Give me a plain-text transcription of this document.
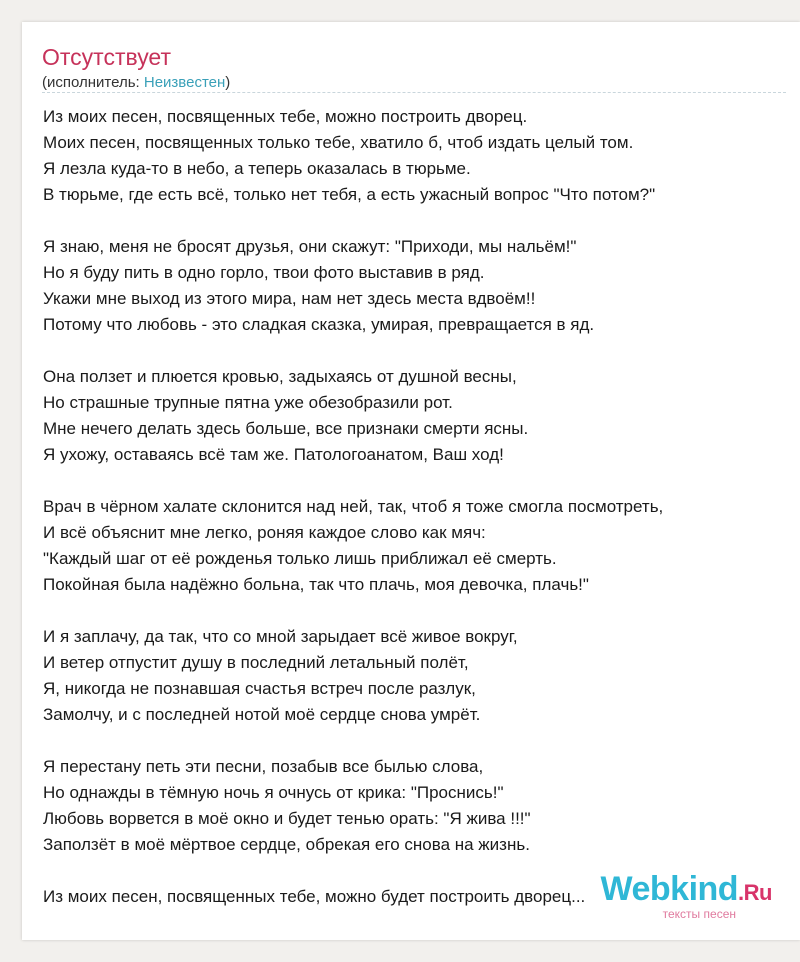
Отсутствует
(исполнитель: Неизвестен)
Из моих песен, посвященных тебе, можно построить дворец.
Моих песен, посвященных только тебе, хватило б, чтоб издать целый том.
Я лезла куда-то в небо, а теперь оказалась в тюрьме.
В тюрьме, где есть всё, только нет тебя, а есть ужасный вопрос "Что потом?"
Я знаю, меня не бросят друзья, они скажут: "Приходи, мы нальём!"
Но я буду пить в одно горло, твои фото выставив в ряд.
Укажи мне выход из этого мира, нам нет здесь места вдвоём!!
Потому что любовь - это сладкая сказка, умирая, превращается в яд.
Она ползет и плюется кровью, задыхаясь от душной весны,
Но страшные трупные пятна уже обезобразили рот.
Мне нечего делать здесь больше, все признаки смерти ясны.
Я ухожу, оставаясь всё там же. Патологоанатом, Ваш ход!
Врач в чёрном халате склонится над ней, так, чтоб я тоже смогла посмотреть,
И всё объяснит мне легко, роняя каждое слово как мяч:
"Каждый шаг от её рожденья только лишь приближал её смерть.
Покойная была надёжно больна, так что плачь, моя девочка, плачь!"
И я заплачу, да так, что со мной зарыдает всё живое вокруг,
И ветер отпустит душу в последний летальный полёт,
Я, никогда не познавшая счастья встреч после разлук,
Замолчу, и с последней нотой моё сердце снова умрёт.
Я перестану петь эти песни, позабыв все былью слова,
Но однажды в тёмную ночь я очнусь от крика: "Проснись!"
Любовь ворвется в моё окно и будет тенью орать: "Я жива !!!"
Заползёт в моё мёртвое сердце, обрекая его снова на жизнь.
Из моих песен, посвященных тебе, можно будет построить дворец... Webkind.Ru
тексты песен
